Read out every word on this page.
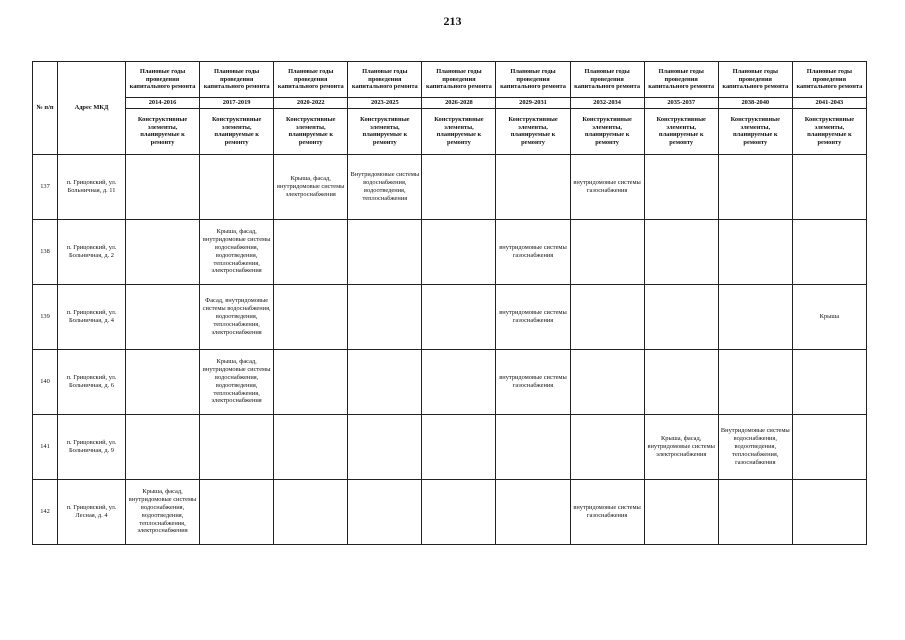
213
№ п/п	Адрес МКД	Плановые годы проведения капитального ремонта	Плановые годы проведения капитального ремонта	Плановые годы проведения капитального ремонта	Плановые годы проведения капитального ремонта	Плановые годы проведения капитального ремонта	Плановые годы проведения капитального ремонта	Плановые годы проведения капитального ремонта	Плановые годы проведения капитального ремонта	Плановые годы проведения капитального ремонта	Плановые годы проведения капитального ремонта
		2014-2016	2017-2019	2020-2022	2023-2025	2026-2028	2029-2031	2032-2034	2035-2037	2038-2040	2041-2043
		Конструктивные элементы, планируемые к ремонту	Конструктивные элементы, планируемые к ремонту	Конструктивные элементы, планируемые к ремонту	Конструктивные элементы, планируемые к ремонту	Конструктивные элементы, планируемые к ремонту	Конструктивные элементы, планируемые к ремонту	Конструктивные элементы, планируемые к ремонту	Конструктивные элементы, планируемые к ремонту	Конструктивные элементы, планируемые к ремонту	Конструктивные элементы, планируемые к ремонту
137	п. Грицовский, ул. Больничная, д. 11			Крыша, фасад, внутридомовые системы электроснабжения	Внутридомовые системы водоснабжения, водоотведения, теплоснабжения			внутридомовые системы газоснабжения			
138	п. Грицовский, ул. Больничная, д. 2		Крыша, фасад, внутридомовые системы водоснабжения, водоотведения, теплоснабжения, электроснабжения				внутридомовые системы газоснабжения				
139	п. Грицовский, ул. Больничная, д. 4		Фасад, внутридомовые системы водоснабжения, водоотведения, теплоснабжения, электроснабжения				внутридомовые системы газоснабжения				Крыша
140	п. Грицовский, ул. Больничная, д. 6		Крыша, фасад, внутридомовые системы водоснабжения, водоотведения, теплоснабжения, электроснабжения				внутридомовые системы газоснабжения				
141	п. Грицовский, ул. Больничная, д. 9								Крыша, фасад, внутридомовые системы электроснабжения	Внутридомовые системы водоснабжения, водоотведения, теплоснабжения, газоснабжения	
142	п. Грицовский, ул. Лесная, д. 4	Крыша, фасад, внутридомовые системы водоснабжения, водоотведения, теплоснабжения, электроснабжения						внутридомовые системы газоснабжения			
